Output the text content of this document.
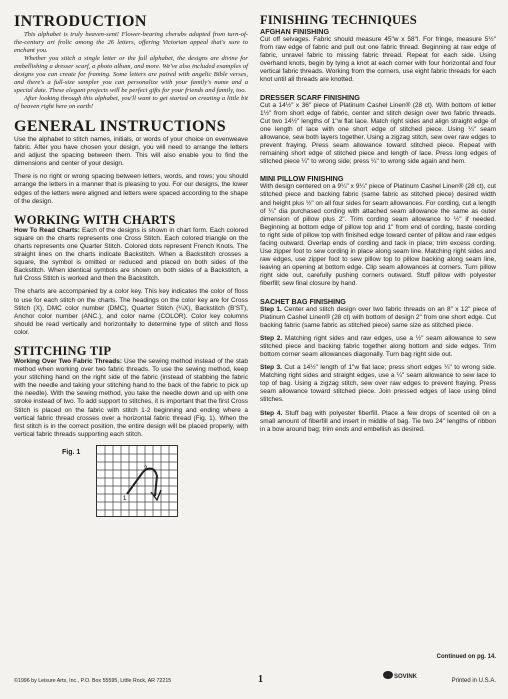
INTRODUCTION

This alphabet is truly heaven-sent! Flower-bearing cherubs adapted from turn-of-the-century art frolic among the 26 letters, offering Victorian appeal that's sure to enchant you.

Whether you stitch a single letter or the full alphabet, the designs are divine for embellishing a dresser scarf, a photo album, and more. We've also included examples of designs you can create for framing. Some letters are paired with angelic Bible verses, and there's a full-size sampler you can personalize with your family's name and a special date. These elegant projects will be perfect gifts for your friends and family, too.

After looking through this alphabet, you'll want to get started on creating a little bit of heaven right here on earth!

GENERAL INSTRUCTIONS

Use the alphabet to stitch names, initials, or words of your choice on evenweave fabric. After you have chosen your design, you will need to arrange the letters and adjust the spacing between them. This will also enable you to find the dimensions and center of your design.

There is no right or wrong spacing between letters, words, and rows; you should arrange the letters in a manner that is pleasing to you. For our designs, the lower edges of the letters were aligned and letters were spaced according to the shape of the design.

WORKING WITH CHARTS

How To Read Charts: Each of the designs is shown in chart form. Each colored square on the charts represents one Cross Stitch. Each colored triangle on the charts represents one Quarter Stitch. Colored dots represent French Knots. The straight lines on the charts indicate Backstitch. When a Backstitch crosses a square, the symbol is omitted or reduced and placed on both sides of the Backstitch. When identical symbols are shown on both sides of a Backstitch, a full Cross Stitch is worked and then the Backstitch.

The charts are accompanied by a color key. This key indicates the color of floss to use for each stitch on the charts. The headings on the color key are for Cross Stitch (X), DMC color number (DMC), Quarter Stitch (¼X), Backstitch (B'ST), Anchor color number (ANC.), and color name (COLOR). Color key columns should be read vertically and horizontally to determine type of stitch and floss color.

STITCHING TIP

Working Over Two Fabric Threads: Use the sewing method instead of the stab method when working over two fabric threads. To use the sewing method, keep your stitching hand on the right side of the fabric (instead of stabbing the fabric with the needle and taking your stitching hand to the back of the fabric to pick up the needle). With the sewing method, you take the needle down and up with one stroke instead of two. To add support to stitches, it is important that the first Cross Stitch is placed on the fabric with stitch 1-2 beginning and ending where a vertical fabric thread crosses over a horizontal fabric thread (Fig. 1). When the first stitch is in the correct position, the entire design will be placed properly, with vertical fabric threads supporting each stitch.

Fig. 1
1
2
FINISHING TECHNIQUES
AFGHAN FINISHING

Cut off selvages. Fabric should measure 45"w x 58"l. For fringe, measure 5½" from raw edge of fabric and pull out one fabric thread. Beginning at raw edge of fabric, unravel fabric to missing fabric thread. Repeat for each side. Using overhand knots, begin by tying a knot at each corner with four horizontal and four vertical fabric threads. Working from the corners, use eight fabric threads for each knot until all threads are knotted.

DRESSER SCARF FINISHING

Cut a 14½" x 36" piece of Platinum Cashel Linen® (28 ct). With bottom of letter 1½" from short edge of fabric, center and stitch design over two fabric threads. Cut two 14½" lengths of 1"w flat lace. Match right sides and align straight edge of one length of lace with one short edge of stitched piece. Using ¼" seam allowance, sew both layers together. Using a zigzag stitch, sew over raw edges to prevent fraying. Press seam allowance toward stitched piece. Repeat with remaining short edge of stitched piece and length of lace. Press long edges of stitched piece ¼" to wrong side; press ¼" to wrong side again and hem.

MINI PILLOW FINISHING

With design centered on a 9¼" x 9¼" piece of Platinum Cashel Linen® (28 ct), cut stitched piece and backing fabric (same fabric as stitched piece) desired width and height plus ½" on all four sides for seam allowances. For cording, cut a length of ¼" dia purchased cording with attached seam allowance the same as outer dimension of pillow plus 2". Trim cording seam allowance to ½" if needed. Beginning at bottom edge of pillow top and 1" from end of cording, baste cording to right side of pillow top with finished edge toward center of pillow and raw edges facing outward. Overlap ends of cording and tack in place; trim excess cording. Use zipper foot to sew cording in place along seam line. Matching right sides and raw edges, use zipper foot to sew pillow top to pillow backing along seam line, leaving an opening at bottom edge. Clip seam allowances at corners. Turn pillow right side out, carefully pushing corners outward. Stuff pillow with polyester fiberfill; sew final closure by hand.

SACHET BAG FINISHING

Step 1. Center and stitch design over two fabric threads on an 8" x 12" piece of Platinum Cashel Linen® (28 ct) with bottom of design 2" from one short edge. Cut backing fabric (same fabric as stitched piece) same size as stitched piece.

Step 2. Matching right sides and raw edges, use a ½" seam allowance to sew stitched piece and backing fabric together along bottom and side edges. Trim bottom corner seam allowances diagonally. Turn bag right side out.

Step 3. Cut a 14½" length of 1"w flat lace; press short edges ¼" to wrong side. Matching right sides and straight edges, use a ¼" seam allowance to sew lace to top of bag. Using a zigzag stitch, sew over raw edges to prevent fraying. Press seam allowance toward stitched piece. Join pressed edges of lace using blind stitches.

Step 4. Stuff bag with polyester fiberfill. Place a few drops of scented oil on a small amount of fiberfill and insert in middle of bag. Tie two 24" lengths of ribbon in a bow around bag; trim ends and embellish as desired.

©1996 by Leisure Arts, Inc., P.O. Box 55595, Little Rock, AR 72215	1
Continued on pg. 14.
SOVINK
Printed in U.S.A.
